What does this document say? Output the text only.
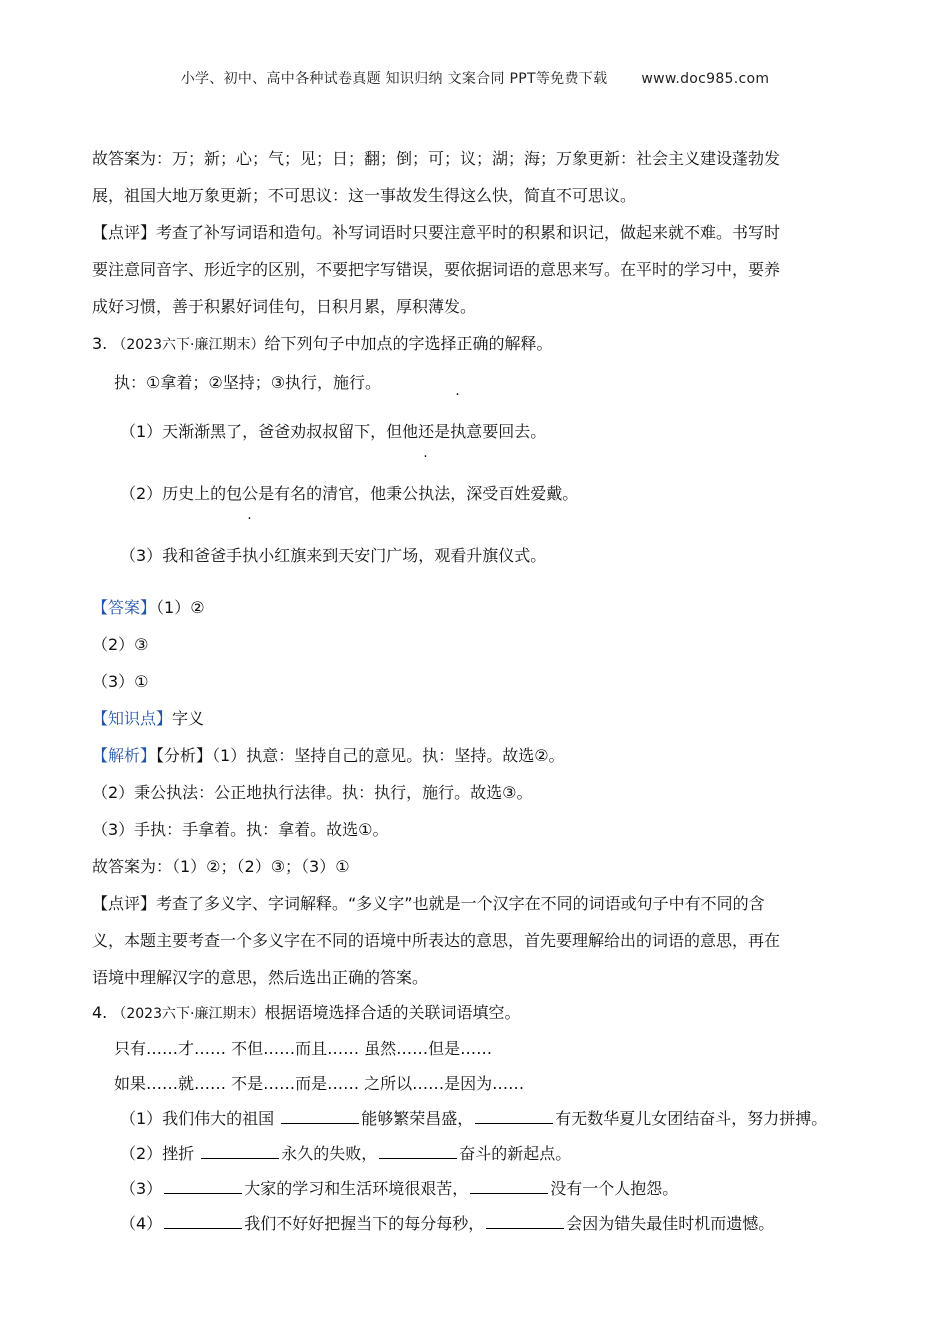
小学、初中、高中各种试卷真题 知识归纳 文案合同 PPT等免费下载 www.doc985.com

故答案为：万；新；心；气；见；日；翻；倒；可；议；湖；海；万象更新：社会主义建设蓬勃发

展，祖国大地万象更新；不可思议：这一事故发生得这么快，简直不可思议。

【点评】考查了补写词语和造句。补写词语时只要注意平时的积累和识记，做起来就不难。书写时

要注意同音字、形近字的区别，不要把字写错误，要依据词语的意思来写。在平时的学习中，要养

成好习惯，善于积累好词佳句，日积月累，厚积薄发。

3. （2023六下·廉江期末）给下列句子中加点的字选择正确的解释。

执：①拿着；②坚持；③执行，施行。

（1）天渐渐黑了，爸爸劝叔叔留下，但他还是执意要回去。
（2）历史上的包公是有名的清官，他秉公执法，深受百姓爱戴。
（3）我和爸爸手执小红旗来到天安门广场，观看升旗仪式。

【答案】（1）②

（2）③

（3）①

【知识点】字义

【解析】【分析】（1）执意：坚持自己的意见。执：坚持。故选②。

（2）秉公执法：公正地执行法律。执：执行，施行。故选③。

（3）手执：手拿着。执：拿着。故选①。

故答案为：（1）②；（2）③；（3）①

【点评】考查了多义字、字词解释。“多义字”也就是一个汉字在不同的词语或句子中有不同的含

义，本题主要考查一个多义字在不同的语境中所表达的意思，首先要理解给出的词语的意思，再在

语境中理解汉字的意思，然后选出正确的答案。

4. （2023六下·廉江期末）根据语境选择合适的关联词语填空。

只有……才…… 不但……而且…… 虽然……但是……

如果……就…… 不是……而是…… 之所以……是因为……

（1）我们伟大的祖国	能够繁荣昌盛，	有无数华夏儿女团结奋斗，努力拼搏。

（2）挫折	永久的失败，	奋斗的新起点。

（3）	大家的学习和生活环境很艰苦，	没有一个人抱怨。

（4）	我们不好好把握当下的每分每秒，	会因为错失最佳时机而遗憾。
